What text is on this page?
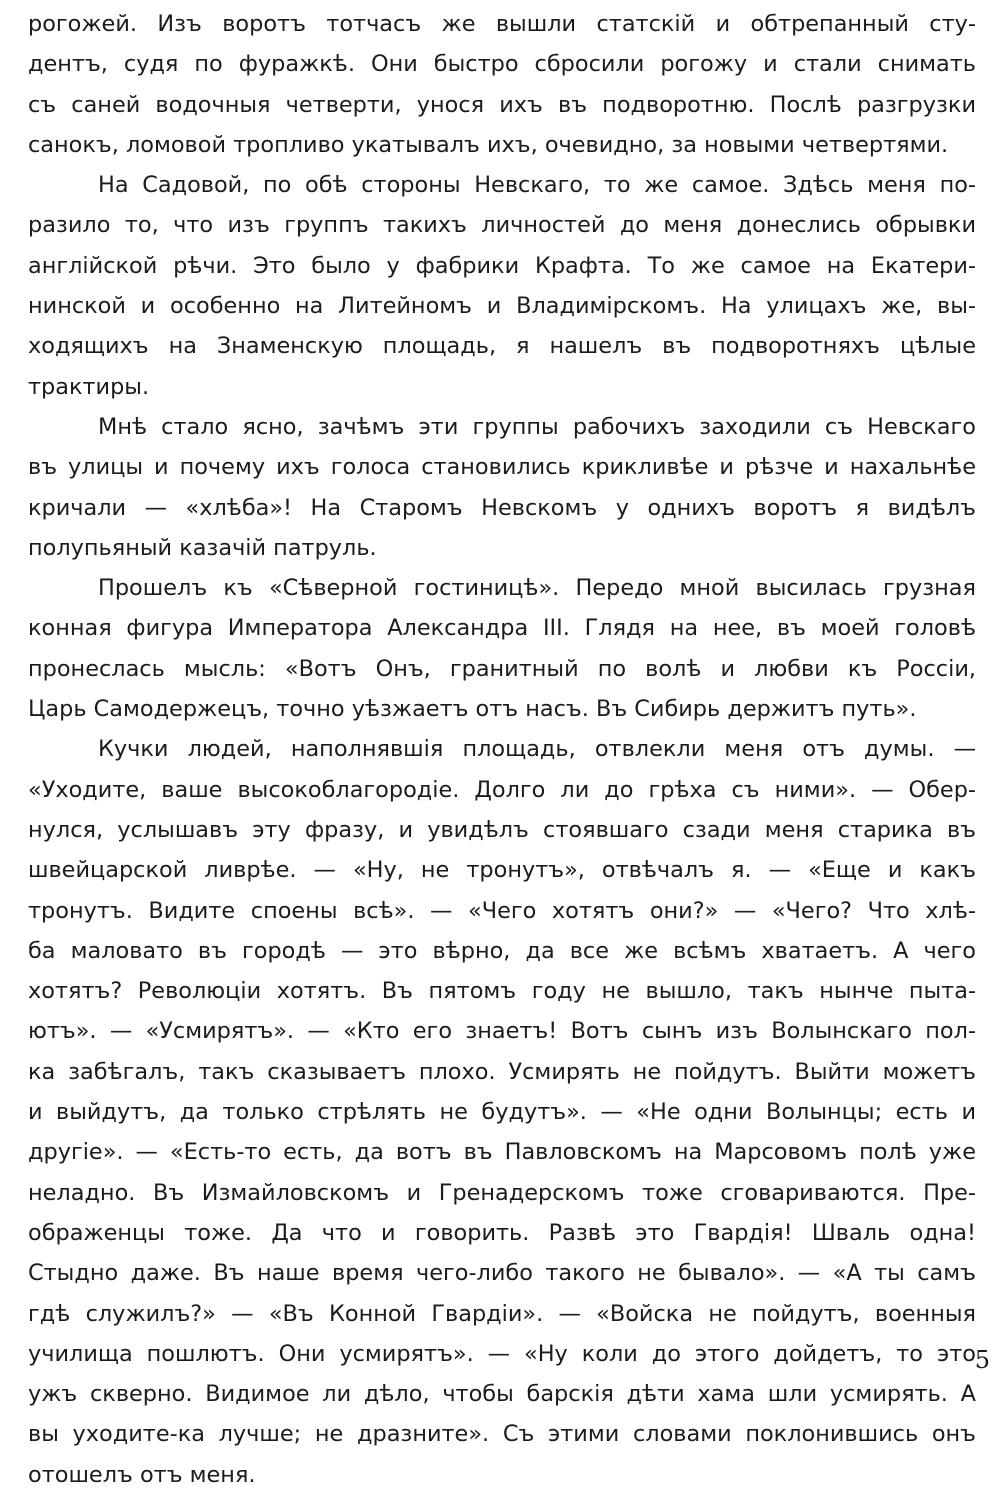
рогожей. Изъ воротъ тотчасъ же вышли статскій и обтрепанный сту-
дентъ, судя по фуражкѣ. Они быстро сбросили рогожу и стали снимать
съ саней водочныя четверти, унося ихъ въ подворотню. Послѣ разгрузки
санокъ, ломовой тропливо укатывалъ ихъ, очевидно, за новыми четвертями.
На Садовой, по обѣ стороны Невскаго, то же самое. Здѣсь меня по-
разило то, что изъ группъ такихъ личностей до меня донеслись обрывки
англійской рѣчи. Это было у фабрики Крафта. То же самое на Екатери-
нинской и особенно на Литейномъ и Владимірскомъ. На улицахъ же, вы-
ходящихъ на Знаменскую площадь, я нашелъ въ подворотняхъ цѣлые
трактиры.
Мнѣ стало ясно, зачѣмъ эти группы рабочихъ заходили съ Невскаго
въ улицы и почему ихъ голоса становились крикливѣе и рѣзче и нахальнѣе
кричали — «хлѣба»! На Старомъ Невскомъ у однихъ воротъ я видѣлъ
полупьяный казачій патруль.
Прошелъ къ «Сѣверной гостиницѣ». Передо мной высилась грузная
конная фигура Императора Александра III. Глядя на нее, въ моей головѣ
пронеслась мысль: «Вотъ Онъ, гранитный по волѣ и любви къ Россіи,
Царь Самодержецъ, точно уѣзжаетъ отъ насъ. Въ Сибирь держитъ путь».
Кучки людей, наполнявшія площадь, отвлекли меня отъ думы. —
«Уходите, ваше высокоблагородіе. Долго ли до грѣха съ ними». — Обер-
нулся, услышавъ эту фразу, и увидѣлъ стоявшаго сзади меня старика въ
швейцарской ливрѣе. — «Ну, не тронутъ», отвѣчалъ я. — «Еще и какъ
тронутъ. Видите споены всѣ». — «Чего хотятъ они?» — «Чего? Что хлѣ-
ба маловато въ городѣ — это вѣрно, да все же всѣмъ хватаетъ. А чего
хотятъ? Революціи хотятъ. Въ пятомъ году не вышло, такъ нынче пыта-
ютъ». — «Усмирятъ». — «Кто его знаетъ! Вотъ сынъ изъ Волынскаго пол-
ка забѣгалъ, такъ сказываетъ плохо. Усмирять не пойдутъ. Выйти можетъ
и выйдутъ, да только стрѣлять не будутъ». — «Не одни Волынцы; есть и
другіе». — «Есть-то есть, да вотъ въ Павловскомъ на Марсовомъ полѣ уже
неладно. Въ Измайловскомъ и Гренадерскомъ тоже сговариваются. Пре-
ображенцы тоже. Да что и говорить. Развѣ это Гвардія! Шваль одна!
Стыдно даже. Въ наше время чего-либо такого не бывало». — «А ты самъ
гдѣ служилъ?» — «Въ Конной Гвардіи». — «Войска не пойдутъ, военныя
училища пошлютъ. Они усмирятъ». — «Ну коли до этого дойдетъ, то это
ужъ скверно. Видимое ли дѣло, чтобы барскія дѣти хама шли усмирять. А
вы уходите-ка лучше; не дразните». Съ этими словами поклонившись онъ
отошелъ отъ меня.
5
